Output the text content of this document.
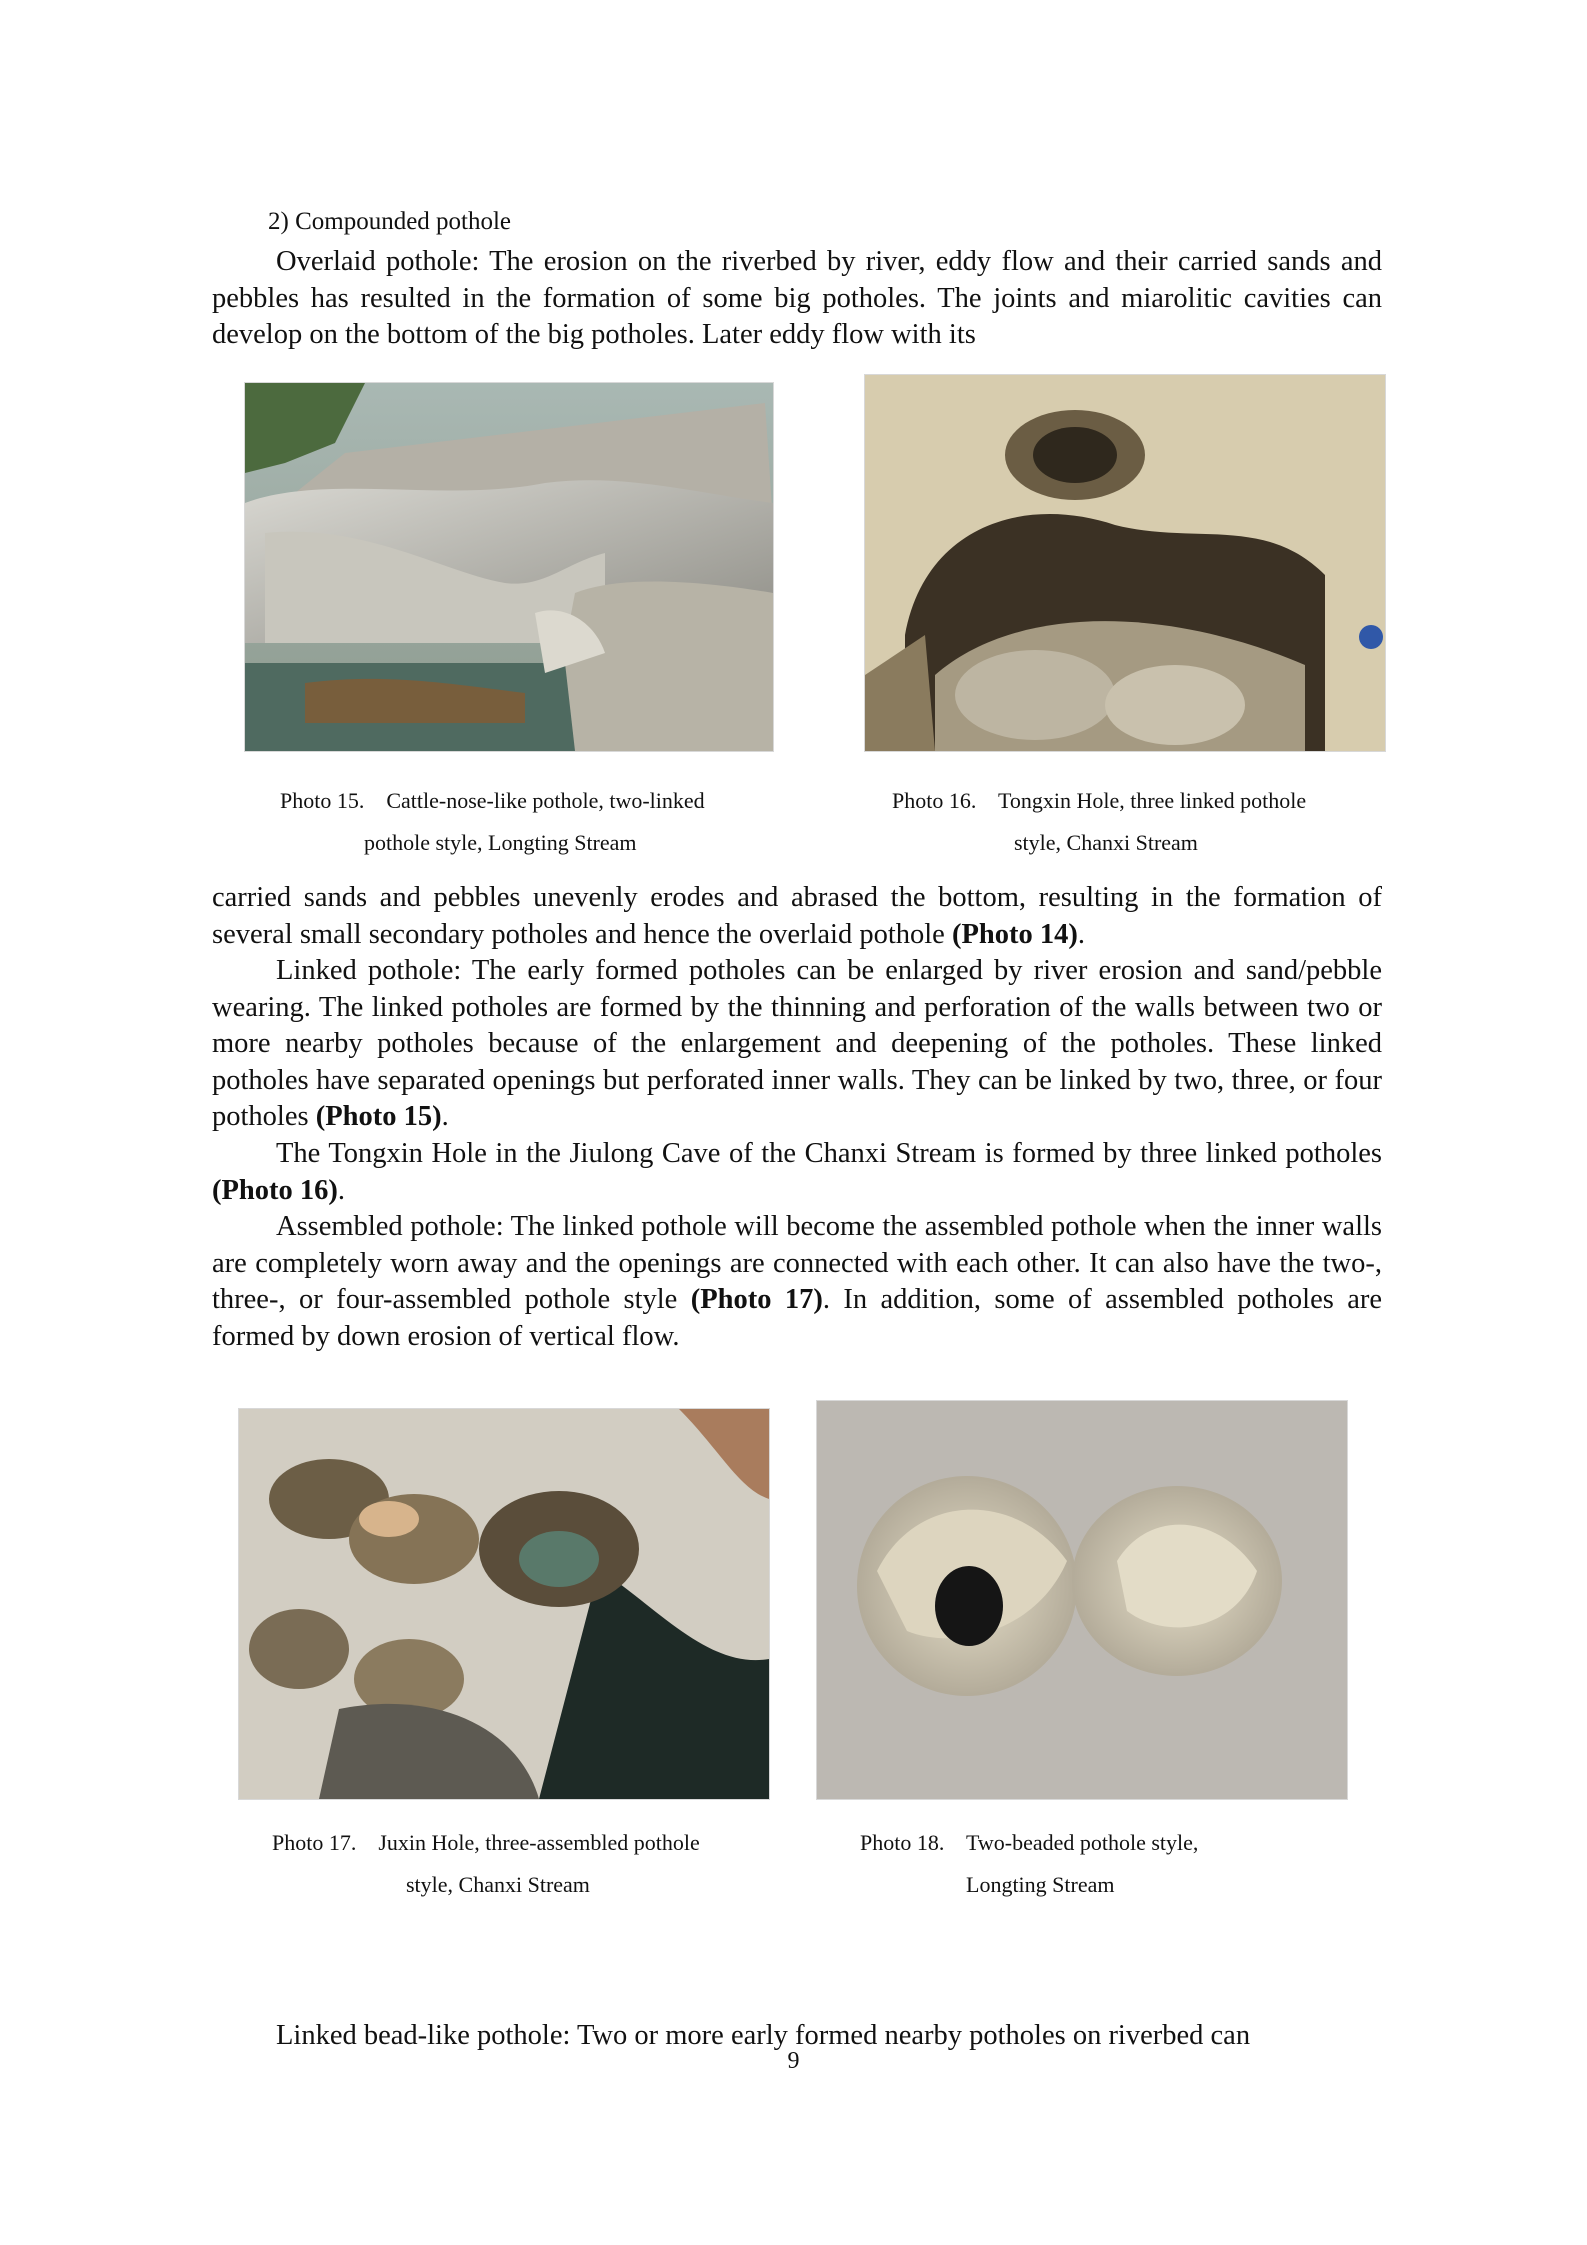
2) Compounded pothole

Overlaid pothole: The erosion on the riverbed by river, eddy flow and their carried sands and pebbles has resulted in the formation of some big potholes. The joints and miarolitic cavities can develop on the bottom of the big potholes. Later eddy flow with its

Photo 15.    Cattle-nose-like pothole, two-linked

pothole style, Longting Stream

Photo 16.    Tongxin Hole, three linked pothole

style, Chanxi Stream

carried sands and pebbles unevenly erodes and abrased the bottom, resulting in the formation of several small secondary potholes and hence the overlaid pothole (Photo 14).

Linked pothole: The early formed potholes can be enlarged by river erosion and sand/pebble wearing. The linked potholes are formed by the thinning and perforation of the walls between two or more nearby potholes because of the enlargement and deepening of the potholes. These linked potholes have separated openings but perforated inner walls. They can be linked by two, three, or four potholes (Photo 15).

The Tongxin Hole in the Jiulong Cave of the Chanxi Stream is formed by three linked potholes (Photo 16).

Assembled pothole: The linked pothole will become the assembled pothole when the inner walls are completely worn away and the openings are connected with each other. It can also have the two-, three-, or four-assembled pothole style (Photo 17). In addition, some of assembled potholes are formed by down erosion of vertical flow.

Photo 17.    Juxin Hole, three-assembled pothole

style, Chanxi Stream

Photo 18.    Two-beaded pothole style,

Longting Stream

Linked bead-like pothole: Two or more early formed nearby potholes on riverbed can

9
